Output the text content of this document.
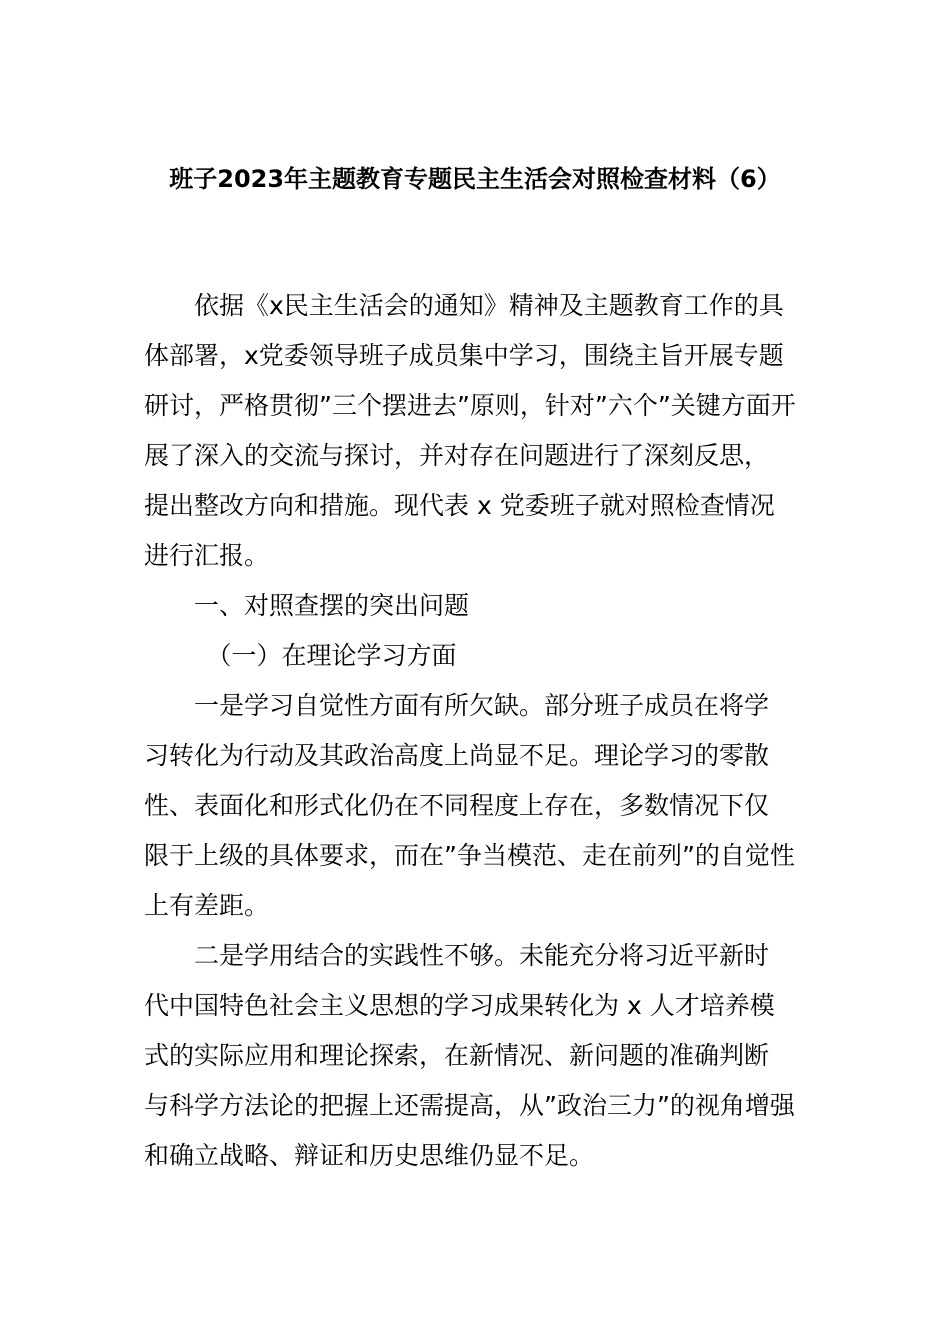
班子2023年主题教育专题民主生活会对照检查材料（6）

依据《x民主生活会的通知》精神及主题教育工作的具
体部署，x党委领导班子成员集中学习，围绕主旨开展专题
研讨，严格贯彻”三个摆进去”原则，针对”六个”关键方面开
展了深入的交流与探讨，并对存在问题进行了深刻反思，
提出整改方向和措施。现代表 x 党委班子就对照检查情况
进行汇报。

一、对照查摆的突出问题

（一）在理论学习方面

一是学习自觉性方面有所欠缺。部分班子成员在将学
习转化为行动及其政治高度上尚显不足。理论学习的零散
性、表面化和形式化仍在不同程度上存在，多数情况下仅
限于上级的具体要求，而在”争当模范、走在前列”的自觉性
上有差距。

二是学用结合的实践性不够。未能充分将习近平新时
代中国特色社会主义思想的学习成果转化为 x 人才培养模
式的实际应用和理论探索，在新情况、新问题的准确判断
与科学方法论的把握上还需提高，从”政治三力”的视角增强
和确立战略、辩证和历史思维仍显不足。
